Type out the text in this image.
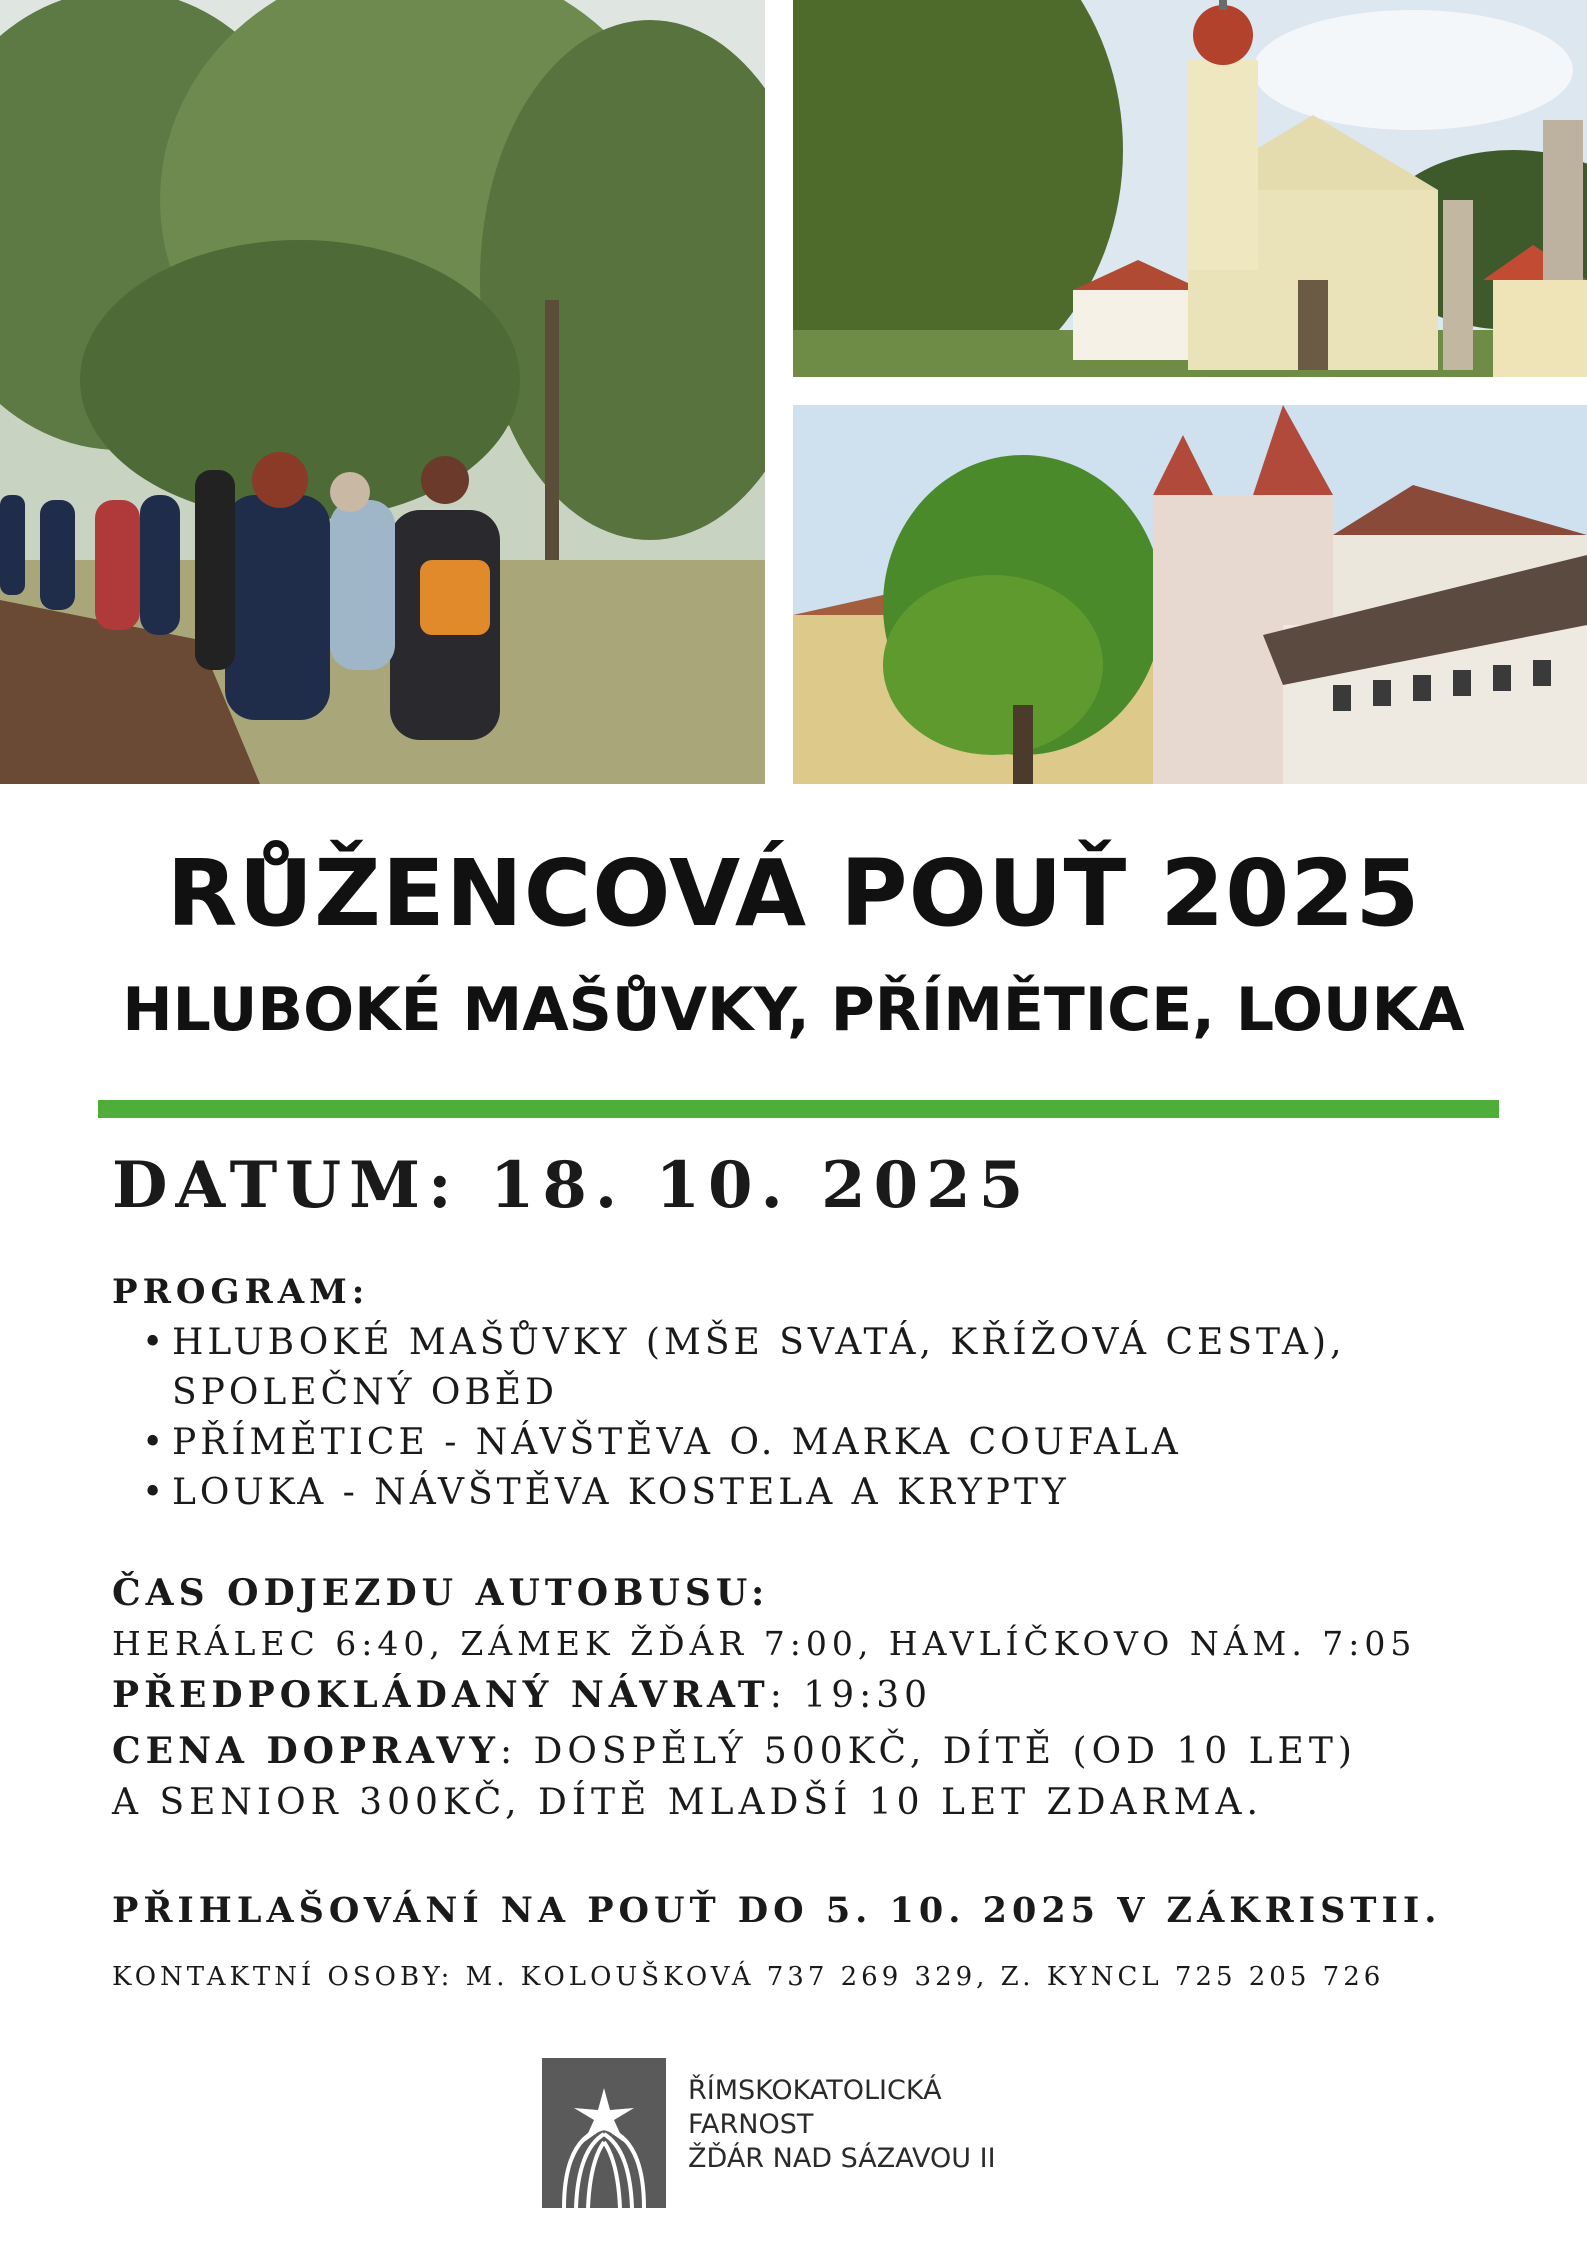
RŮŽENCOVÁ POUŤ 2025
HLUBOKÉ MAŠŮVKY, PŘÍMĚTICE, LOUKA
DATUM: 18. 10. 2025
PROGRAM:
• HLUBOKÉ MAŠŮVKY (MŠE SVATÁ, KŘÍŽOVÁ CESTA), SPOLEČNÝ OBĚD
• PŘÍMĚTICE - NÁVŠTĚVA O. MARKA COUFALA
• LOUKA - NÁVŠTĚVA KOSTELA A KRYPTY
ČAS ODJEZDU AUTOBUSU:
HERÁLEC 6:40, ZÁMEK ŽĎÁR 7:00, HAVLÍČKOVO NÁM. 7:05
PŘEDPOKLÁDANÝ NÁVRAT: 19:30
CENA DOPRAVY: DOSPĚLÝ 500KČ, DÍTĚ (OD 10 LET)
A SENIOR 300KČ, DÍTĚ MLADŠÍ 10 LET ZDARMA.
PŘIHLAŠOVÁNÍ NA POUŤ DO 5. 10. 2025 V ZÁKRISTII.
KONTAKTNÍ OSOBY: M. KOLOUŠKOVÁ 737 269 329, Z. KYNCL 725 205 726
ŘÍMSKOKATOLICKÁ
FARNOST
ŽĎÁR NAD SÁZAVOU II
